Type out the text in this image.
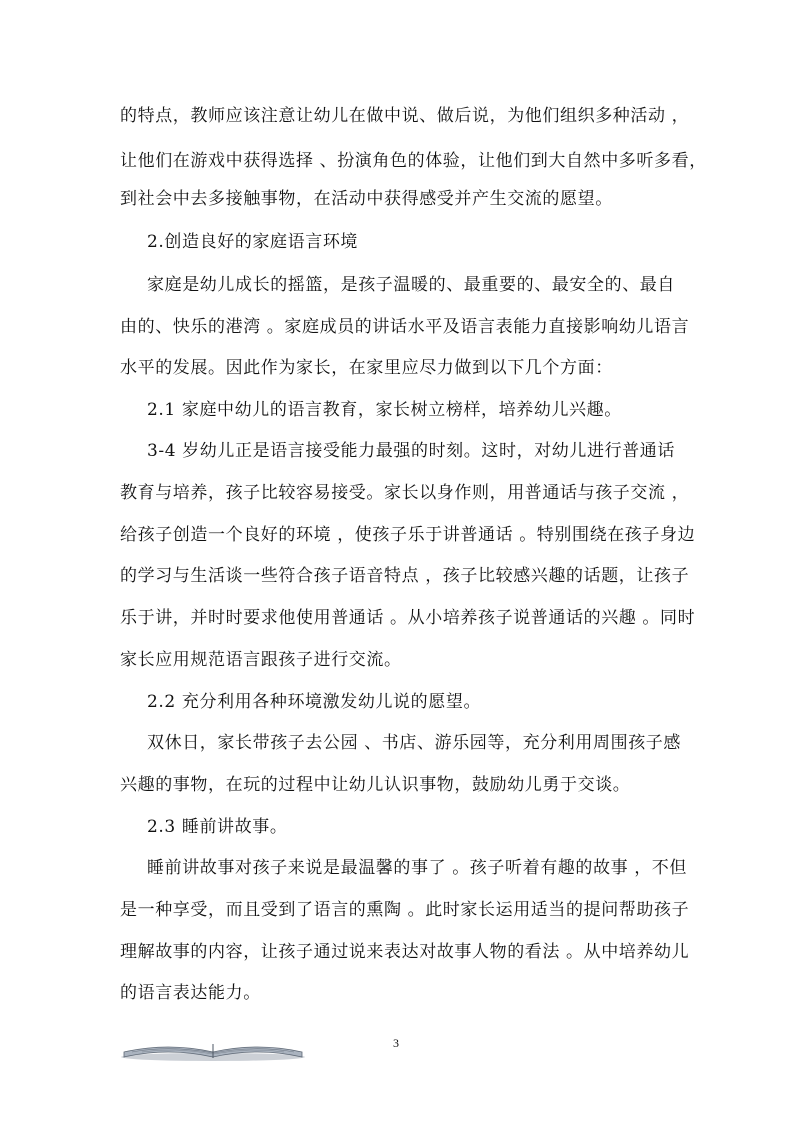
的特点，教师应该注意让幼儿在做中说、做后说，为他们组织多种活动 ，
让他们在游戏中获得选择 、扮演角色的体验，让他们到大自然中多听多看，
到社会中去多接触事物，在活动中获得感受并产生交流的愿望。
2.创造良好的家庭语言环境
家庭是幼儿成长的摇篮，是孩子温暖的、最重要的、最安全的、最自
由的、快乐的港湾 。家庭成员的讲话水平及语言表能力直接影响幼儿语言
水平的发展。因此作为家长，在家里应尽力做到以下几个方面：
2.1 家庭中幼儿的语言教育，家长树立榜样，培养幼儿兴趣。
3-4 岁幼儿正是语言接受能力最强的时刻。这时，对幼儿进行普通话
教育与培养，孩子比较容易接受。家长以身作则，用普通话与孩子交流 ，
给孩子创造一个良好的环境 ，使孩子乐于讲普通话 。特别围绕在孩子身边
的学习与生活谈一些符合孩子语音特点 ，孩子比较感兴趣的话题，让孩子
乐于讲，并时时要求他使用普通话 。从小培养孩子说普通话的兴趣 。同时
家长应用规范语言跟孩子进行交流。
2.2 充分利用各种环境激发幼儿说的愿望。
双休日，家长带孩子去公园 、书店、游乐园等，充分利用周围孩子感
兴趣的事物，在玩的过程中让幼儿认识事物，鼓励幼儿勇于交谈。
2.3 睡前讲故事。
睡前讲故事对孩子来说是最温馨的事了 。孩子听着有趣的故事 ，不但
是一种享受，而且受到了语言的熏陶 。此时家长运用适当的提问帮助孩子
理解故事的内容，让孩子通过说来表达对故事人物的看法 。从中培养幼儿
的语言表达能力。
3
